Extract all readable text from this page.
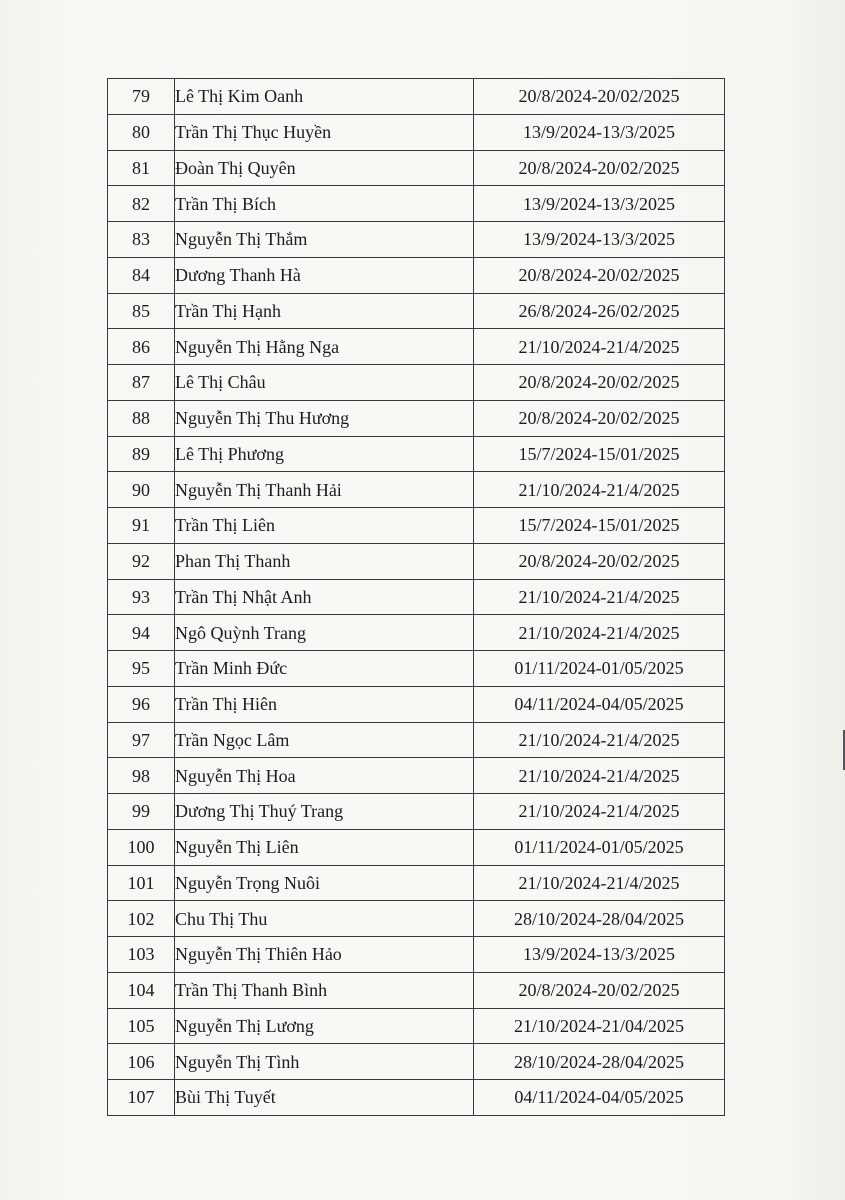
79	Lê Thị Kim Oanh	20/8/2024-20/02/2025
80	Trần Thị Thục Huyền	13/9/2024-13/3/2025
81	Đoàn Thị Quyên	20/8/2024-20/02/2025
82	Trần Thị Bích	13/9/2024-13/3/2025
83	Nguyễn Thị Thắm	13/9/2024-13/3/2025
84	Dương Thanh Hà	20/8/2024-20/02/2025
85	Trần Thị Hạnh	26/8/2024-26/02/2025
86	Nguyễn Thị Hằng Nga	21/10/2024-21/4/2025
87	Lê Thị Châu	20/8/2024-20/02/2025
88	Nguyễn Thị Thu Hương	20/8/2024-20/02/2025
89	Lê Thị Phương	15/7/2024-15/01/2025
90	Nguyễn Thị Thanh Hải	21/10/2024-21/4/2025
91	Trần Thị Liên	15/7/2024-15/01/2025
92	Phan Thị Thanh	20/8/2024-20/02/2025
93	Trần Thị Nhật Anh	21/10/2024-21/4/2025
94	Ngô Quỳnh Trang	21/10/2024-21/4/2025
95	Trần Minh Đức	01/11/2024-01/05/2025
96	Trần Thị Hiên	04/11/2024-04/05/2025
97	Trần Ngọc Lâm	21/10/2024-21/4/2025
98	Nguyễn Thị Hoa	21/10/2024-21/4/2025
99	Dương Thị Thuý Trang	21/10/2024-21/4/2025
100	Nguyễn Thị Liên	01/11/2024-01/05/2025
101	Nguyễn Trọng Nuôi	21/10/2024-21/4/2025
102	Chu Thị Thu	28/10/2024-28/04/2025
103	Nguyễn Thị Thiên Hảo	13/9/2024-13/3/2025
104	Trần Thị Thanh Bình	20/8/2024-20/02/2025
105	Nguyễn Thị Lương	21/10/2024-21/04/2025
106	Nguyễn Thị Tình	28/10/2024-28/04/2025
107	Bùi Thị Tuyết	04/11/2024-04/05/2025
